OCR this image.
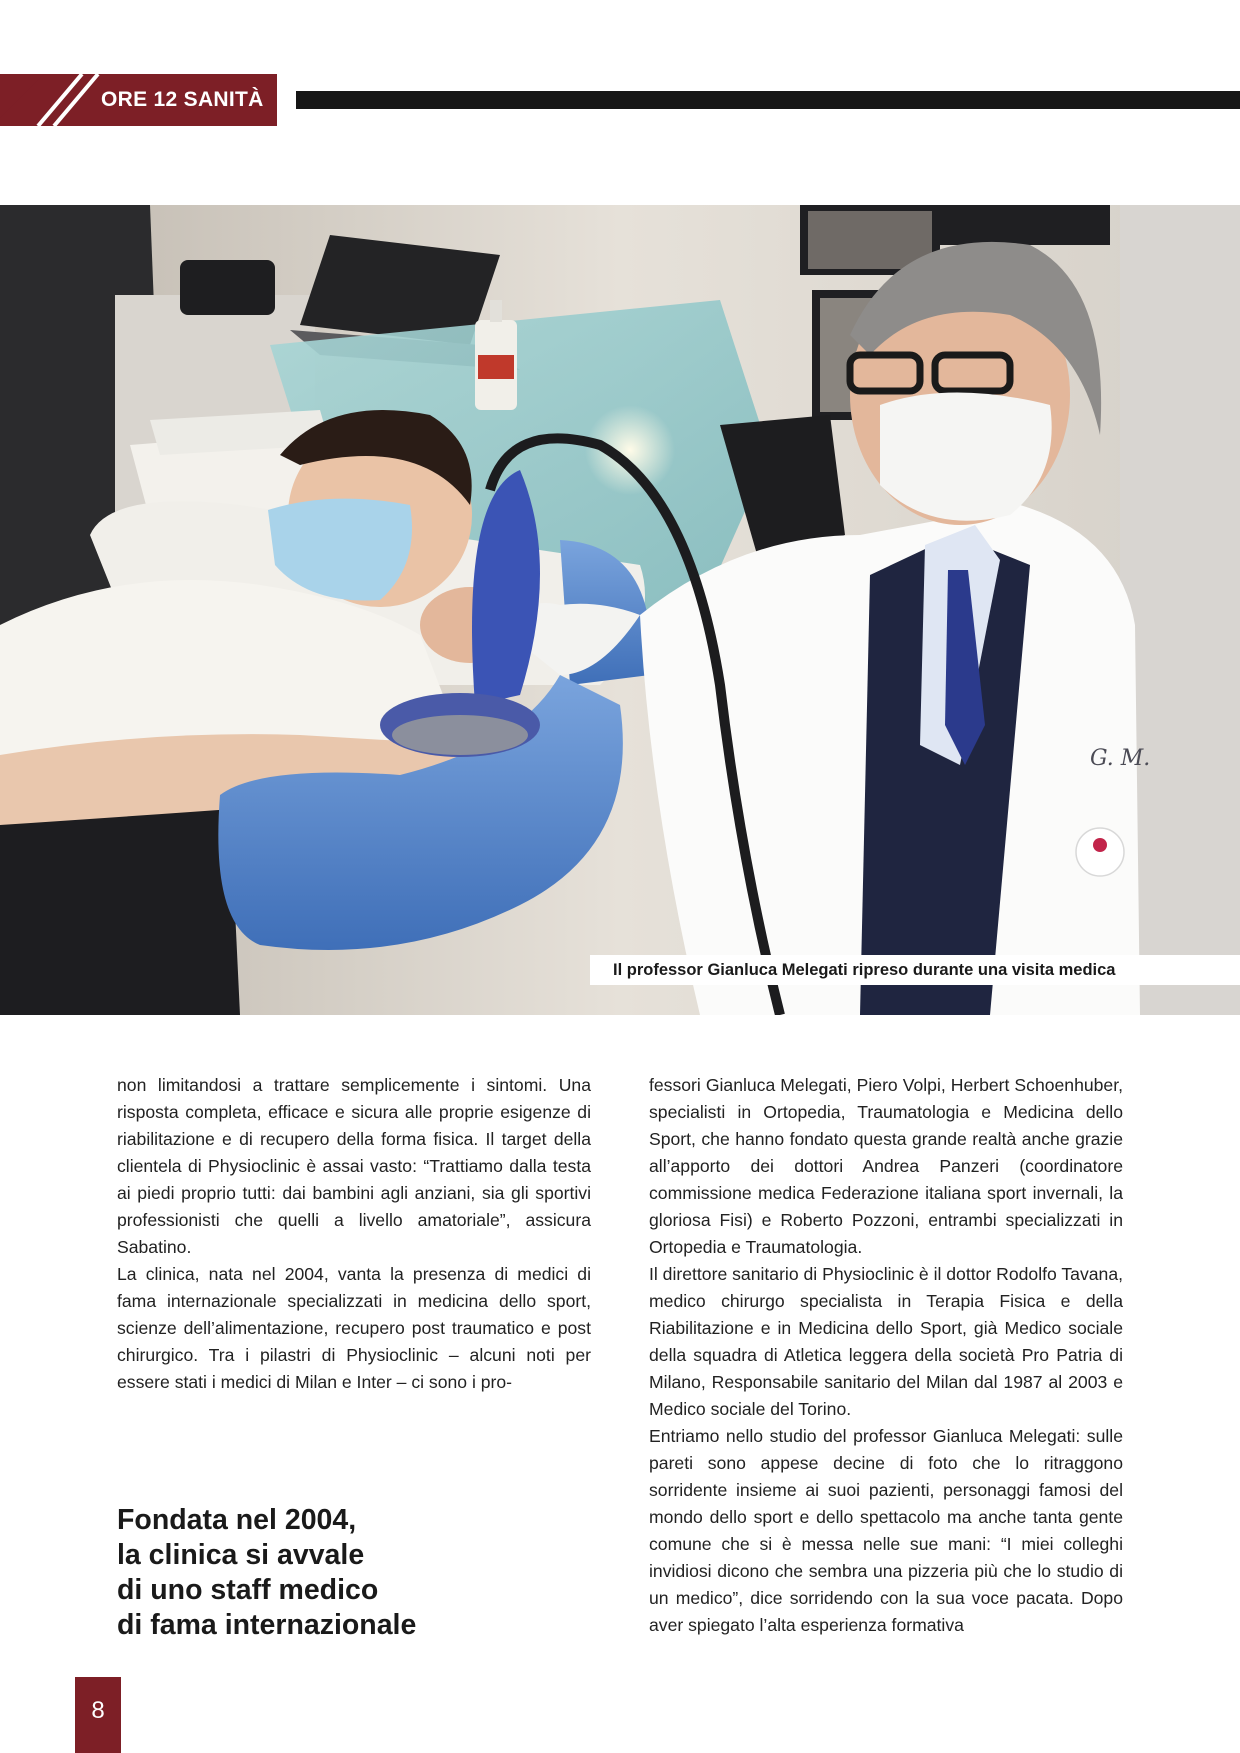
ORE 12 SANITÀ
G. M.
Il professor Gianluca Melegati ripreso durante una visita medica

non limitandosi a trattare semplicemente i sintomi. Una risposta completa, efficace e sicura alle proprie esigenze di riabilitazione e di recupero della forma fisica. Il target della clientela di Physioclinic è assai vasto: “Trattiamo dalla testa ai piedi proprio tutti: dai bambini agli anziani, sia gli sportivi professionisti che quelli a livello amatoriale”, assicura Sabatino.

La clinica, nata nel 2004, vanta la presenza di medici di fama internazionale specializzati in medicina dello sport, scienze dell’alimentazione, recupero post traumatico e post chirurgico. Tra i pilastri di Physioclinic – alcuni noti per essere stati i medici di Milan e Inter – ci sono i pro-

fessori Gianluca Melegati, Piero Volpi, Herbert Schoenhuber, specialisti in Ortopedia, Traumatologia e Medicina dello Sport, che hanno fondato questa grande realtà anche grazie all’apporto dei dottori Andrea Panzeri (coordinatore commissione medica Federazione italiana sport invernali, la gloriosa Fisi) e Roberto Pozzoni, entrambi specializzati in Ortopedia e Traumatologia.

Il direttore sanitario di Physioclinic è il dottor Rodolfo Tavana, medico chirurgo specialista in Terapia Fisica e della Riabilitazione e in Medicina dello Sport, già Medico sociale della squadra di Atletica leggera della società Pro Patria di Milano, Responsabile sanitario del Milan dal 1987 al 2003 e Medico sociale del Torino.

Entriamo nello studio del professor Gianluca Melegati: sulle pareti sono appese decine di foto che lo ritraggono sorridente insieme ai suoi pazienti, personaggi famosi del mondo dello sport e dello spettacolo ma anche tanta gente comune che si è messa nelle sue mani: “I miei colleghi invidiosi dicono che sembra una pizzeria più che lo studio di un medico”, dice sorridendo con la sua voce pacata. Dopo aver spiegato l’alta esperienza formativa

Fondata nel 2004,
la clinica si avvale
di uno staff medico
di fama internazionale
8
